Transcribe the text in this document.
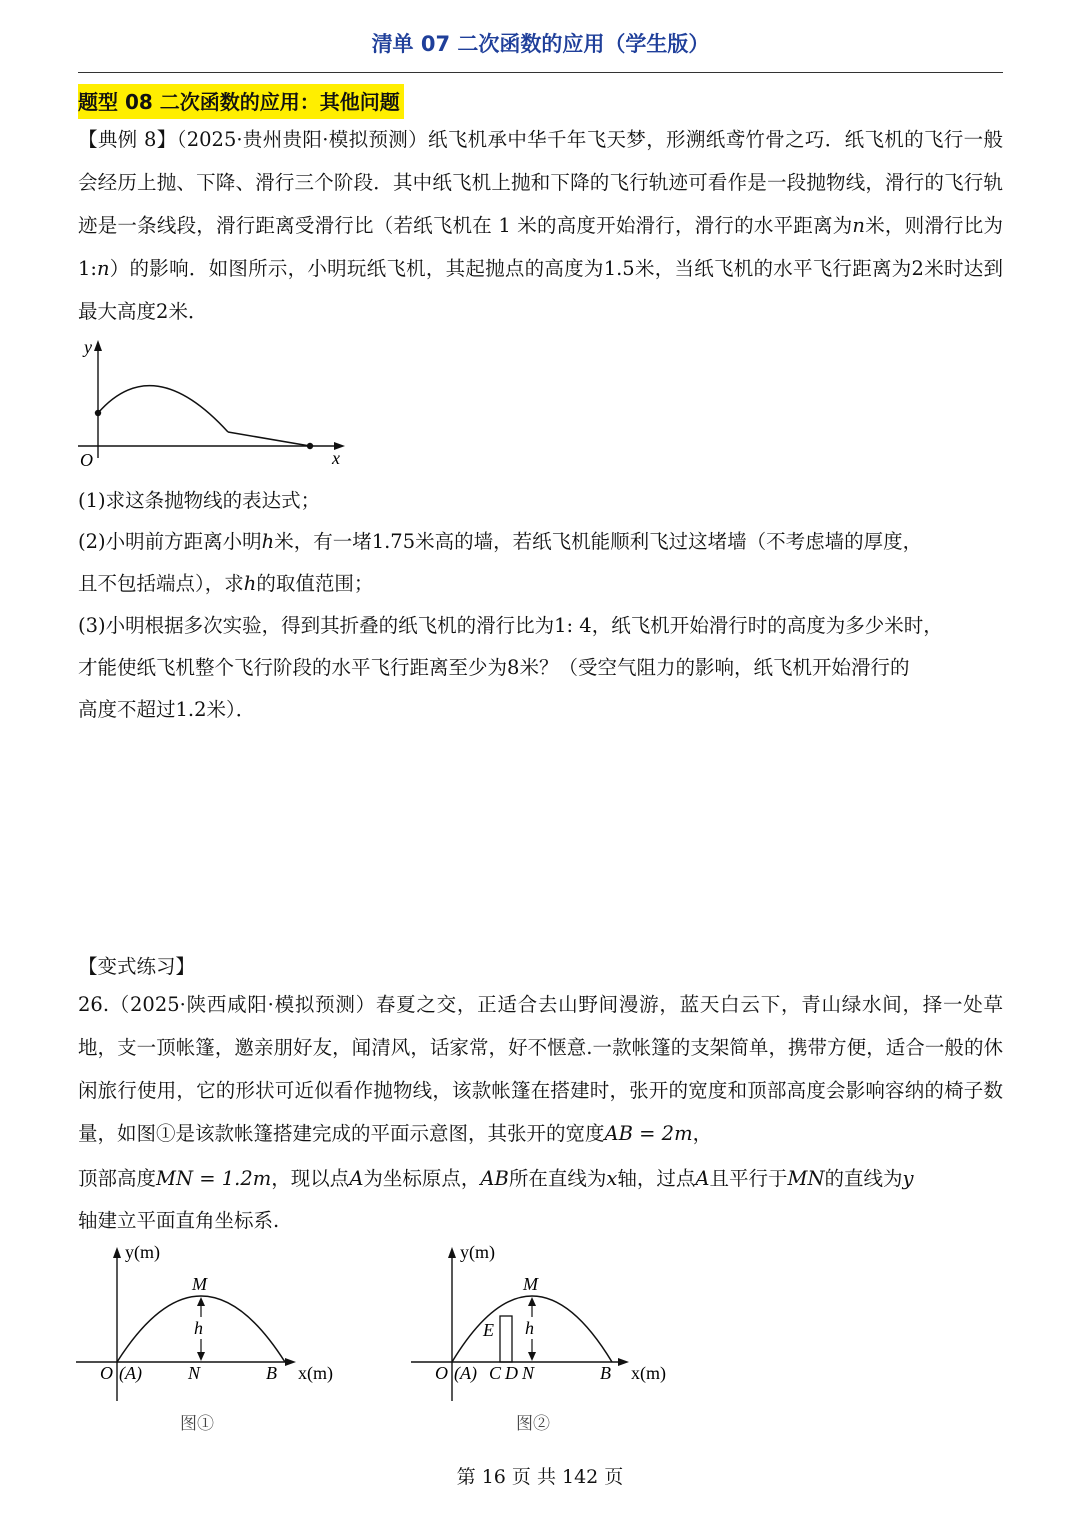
清单 07 二次函数的应用（学生版）
题型 08 二次函数的应用：其他问题

【典例 8】（2025·贵州贵阳·模拟预测）纸飞机承中华千年飞天梦，形溯纸鸢竹骨之巧．纸飞机的飞行一般会经历上抛、下降、滑行三个阶段．其中纸飞机上抛和下降的飞行轨迹可看作是一段抛物线，滑行的飞行轨迹是一条线段，滑行距离受滑行比（若纸飞机在 1 米的高度开始滑行，滑行的水平距离为n米，则滑行比为1:n）的影响．如图所示，小明玩纸飞机，其起抛点的高度为1.5米，当纸飞机的水平飞行距离为2米时达到最大高度2米．

y
x
O
(1)求这条抛物线的表达式；
(2)小明前方距离小明h米，有一堵1.75米高的墙，若纸飞机能顺利飞过这堵墙（不考虑墙的厚度，
且不包括端点），求h的取值范围；
(3)小明根据多次实验，得到其折叠的纸飞机的滑行比为1: 4，纸飞机开始滑行时的高度为多少米时，
才能使纸飞机整个飞行阶段的水平飞行距离至少为8米？（受空气阻力的影响，纸飞机开始滑行的
高度不超过1.2米）．
【变式练习】

26.（2025·陕西咸阳·模拟预测）春夏之交，正适合去山野间漫游，蓝天白云下，青山绿水间，择一处草地，支一顶帐篷，邀亲朋好友，闻清风，话家常，好不惬意.一款帐篷的支架简单，携带方便，适合一般的休闲旅行使用，它的形状可近似看作抛物线，该款帐篷在搭建时，张开的宽度和顶部高度会影响容纳的椅子数量，如图①是该款帐篷搭建完成的平面示意图，其张开的宽度AB = 2m，

顶部高度MN = 1.2m，现以点A为坐标原点，AB所在直线为x轴，过点A且平行于MN的直线为y
轴建立平面直角坐标系.
y(m)
M
h
O (A)	N	B x(m)
图①
y(m)
M
E h
O (A) C D N	B x(m)
图②
第 16 页 共 142 页
